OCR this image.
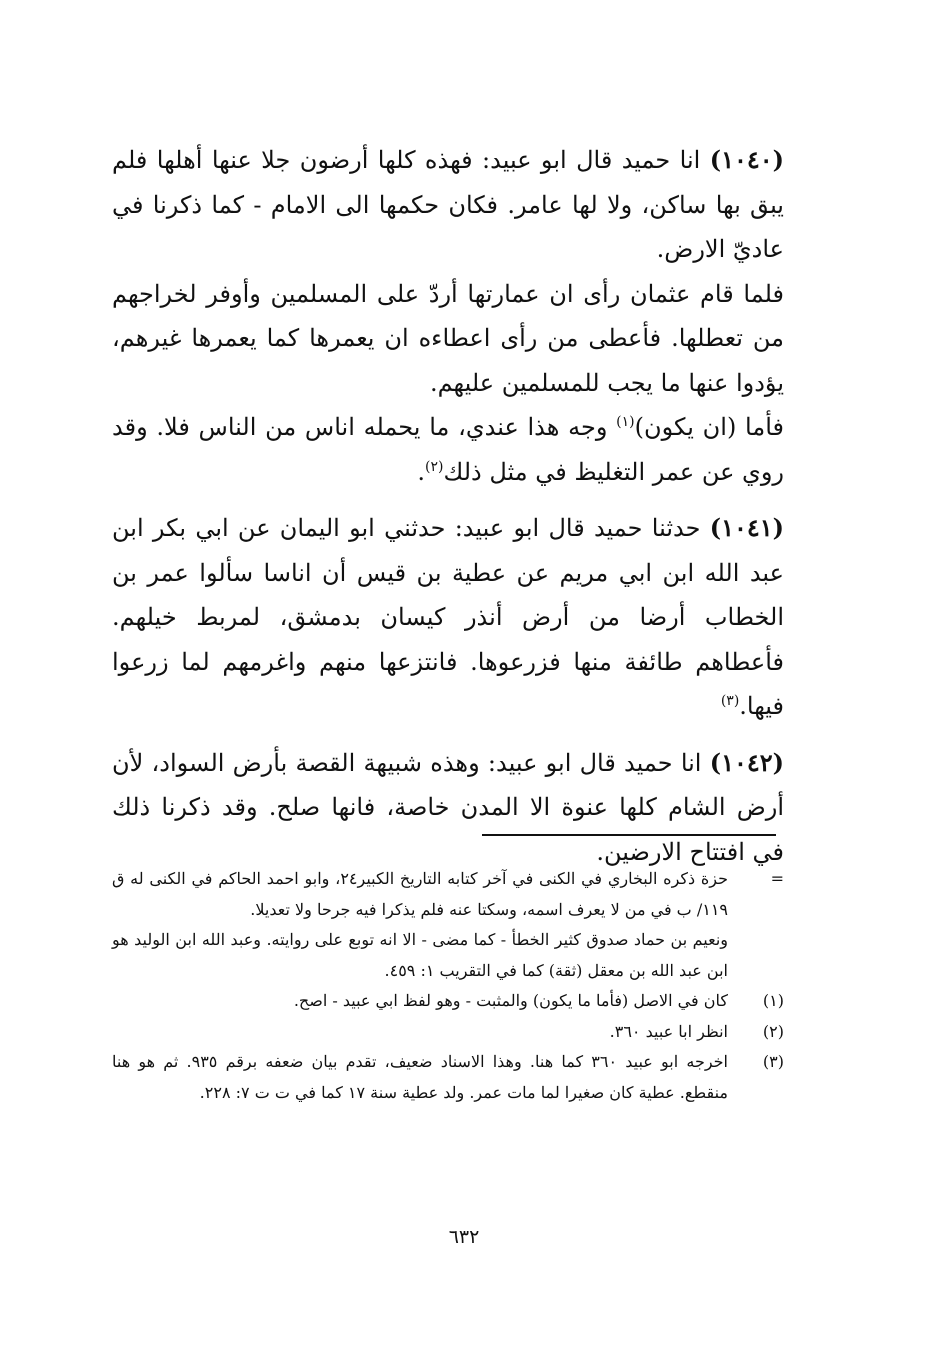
(١٠٤٠) انا حميد قال ابو عبيد: فهذه كلها أرضون جلا عنها أهلها فلم يبق بها ساكن، ولا لها عامر. فكان حكمها الى الامام - كما ذكرنا في عاديّ الارض.

فلما قام عثمان رأى ان عمارتها أردّ على المسلمين وأوفر لخراجهم من تعطلها. فأعطى من رأى اعطاءه ان يعمرها كما يعمرها غيرهم، يؤدوا عنها ما يجب للمسلمين عليهم.

فأما (ان يكون)$^{(١)}$ وجه هذا عندي، ما يحمله اناس من الناس فلا. وقد روي عن عمر التغليظ في مثل ذلك$^{(٢)}$.

(١٠٤١) حدثنا حميد قال ابو عبيد: حدثني ابو اليمان عن ابي بكر ابن عبد الله ابن ابي مريم عن عطية بن قيس أن اناسا سألوا عمر بن الخطاب أرضا من أرض أنذر كيسان بدمشق، لمربط خيلهم. فأعطاهم طائفة منها فزرعوها. فانتزعها منهم واغرمهم لما زرعوا فيها.$^{(٣)}$

(١٠٤٢) انا حميد قال ابو عبيد: وهذه شبيهة القصة بأرض السواد، لأن أرض الشام كلها عنوة الا المدن خاصة، فانها صلح. وقد ذكرنا ذلك في افتتاح الارضين.

=
حزة ذكره البخاري في الكنى في آخر كتابه التاريخ الكبير٢٤، وابو احمد الحاكم في الكنى له ق ١١٩/ ب في من لا يعرف اسمه، وسكتا عنه فلم يذكرا فيه جرحا ولا تعديلا.
ونعيم بن حماد صدوق كثير الخطأ - كما مضى - الا انه توبع على روايته. وعبد الله ابن الوليد هو ابن عبد الله بن معقل (ثقة) كما في التقريب ١: ٤٥٩.
(١)
كان في الاصل (فأما ما يكون) والمثبت - وهو لفظ ابي عبيد - اصح.
(٢)
انظر ابا عبيد ٣٦٠.
(٣)
اخرجه ابو عبيد ٣٦٠ كما هنا. وهذا الاسناد ضعيف، تقدم بيان ضعفه برقم ٩٣٥. ثم هو هنا منقطع. عطية كان صغيرا لما مات عمر. ولد عطية سنة ١٧ كما في ت ت ٧: ٢٢٨.
٦٣٢
